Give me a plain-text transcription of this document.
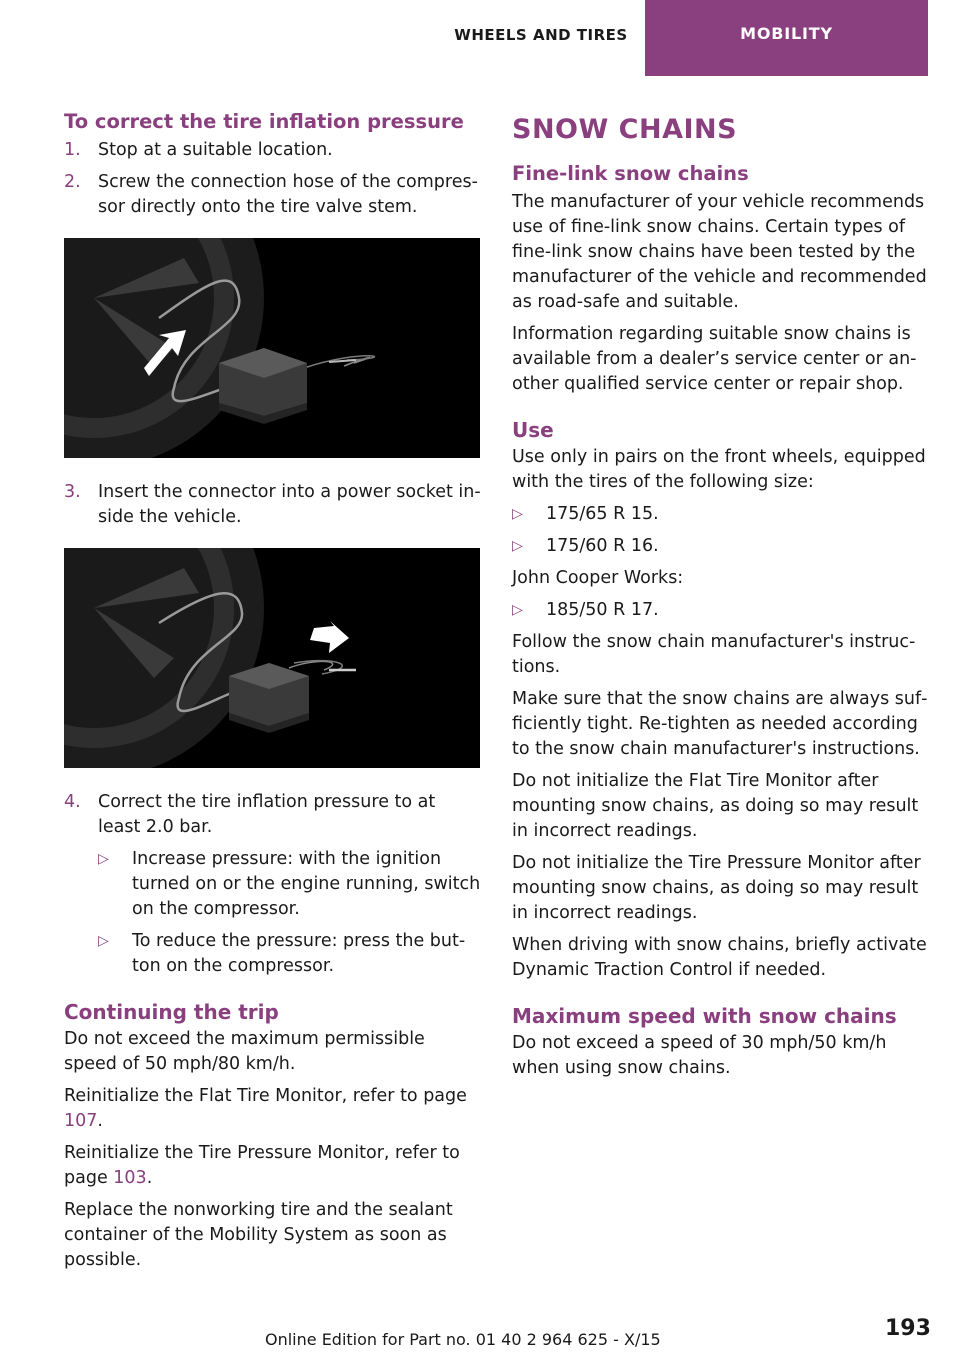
WHEELS AND TIRES	MOBILITY
To correct the tire inflation pressure
1. Stop at a suitable location.
2. Screw the connection hose of the compres‐ sor directly onto the tire valve stem.
3. Insert the connector into a power socket in‐ side the vehicle.
4. Correct the tire inflation pressure to at least 2.0 bar.
▷ Increase pressure: with the ignition turned on or the engine running, switch on the compressor.
▷ To reduce the pressure: press the but‐ ton on the compressor.
Continuing the trip

Do not exceed the maximum permissible speed of 50 mph/80 km/h.

Reinitialize the Flat Tire Monitor, refer to page 107.

Reinitialize the Tire Pressure Monitor, refer to page 103.

Replace the nonworking tire and the sealant container of the Mobility System as soon as possible.

SNOW CHAINS
Fine-link snow chains

The manufacturer of your vehicle recommends use of fine-link snow chains. Certain types of fine-link snow chains have been tested by the manufacturer of the vehicle and recommended as road-safe and suitable.

Information regarding suitable snow chains is available from a dealer’s service center or an‐ other qualified service center or repair shop.

Use

Use only in pairs on the front wheels, equipped with the tires of the following size:

▷ 175/65 R 15.
▷ 175/60 R 16.

John Cooper Works:

▷ 185/50 R 17.

Follow the snow chain manufacturer's instruc‐ tions.

Make sure that the snow chains are always suf‐ ficiently tight. Re-tighten as needed according to the snow chain manufacturer's instructions.

Do not initialize the Flat Tire Monitor after mounting snow chains, as doing so may result in incorrect readings.

Do not initialize the Tire Pressure Monitor after mounting snow chains, as doing so may result in incorrect readings.

When driving with snow chains, briefly activate Dynamic Traction Control if needed.

Maximum speed with snow chains

Do not exceed a speed of 30 mph/50 km/h when using snow chains.

Online Edition for Part no. 01 40 2 964 625 - X/15	193
